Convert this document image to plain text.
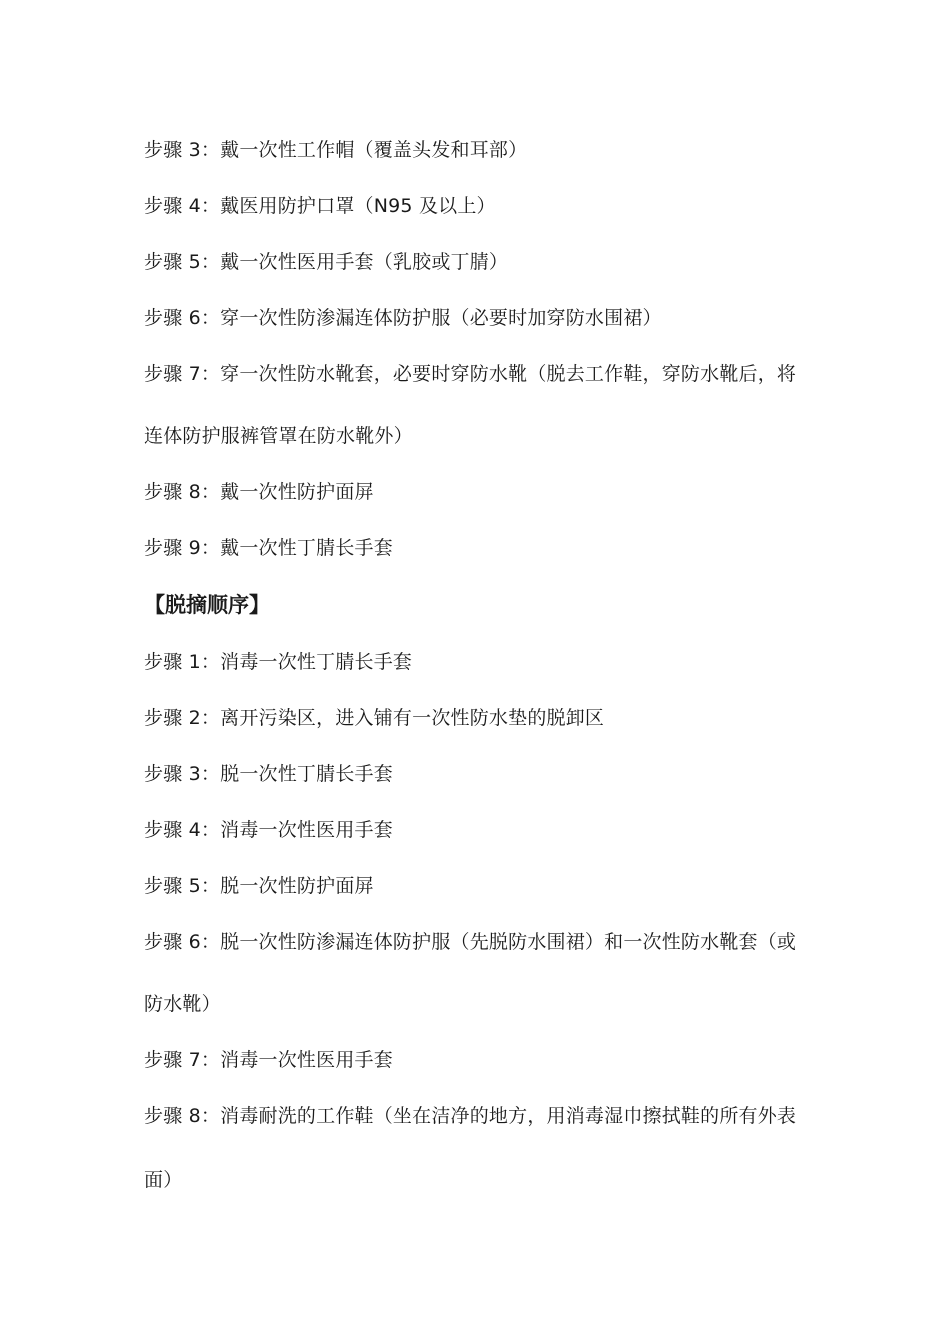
步骤 3：戴一次性工作帽（覆盖头发和耳部）
步骤 4：戴医用防护口罩（N95 及以上）
步骤 5：戴一次性医用手套（乳胶或丁腈）
步骤 6：穿一次性防渗漏连体防护服（必要时加穿防水围裙）
步骤 7：穿一次性防水靴套，必要时穿防水靴（脱去工作鞋，穿防水靴后，将
连体防护服裤管罩在防水靴外）
步骤 8：戴一次性防护面屏
步骤 9：戴一次性丁腈长手套
【脱摘顺序】
步骤 1：消毒一次性丁腈长手套
步骤 2：离开污染区，进入铺有一次性防水垫的脱卸区
步骤 3：脱一次性丁腈长手套
步骤 4：消毒一次性医用手套
步骤 5：脱一次性防护面屏
步骤 6：脱一次性防渗漏连体防护服（先脱防水围裙）和一次性防水靴套（或
防水靴）
步骤 7：消毒一次性医用手套
步骤 8：消毒耐洗的工作鞋（坐在洁净的地方，用消毒湿巾擦拭鞋的所有外表
面）
